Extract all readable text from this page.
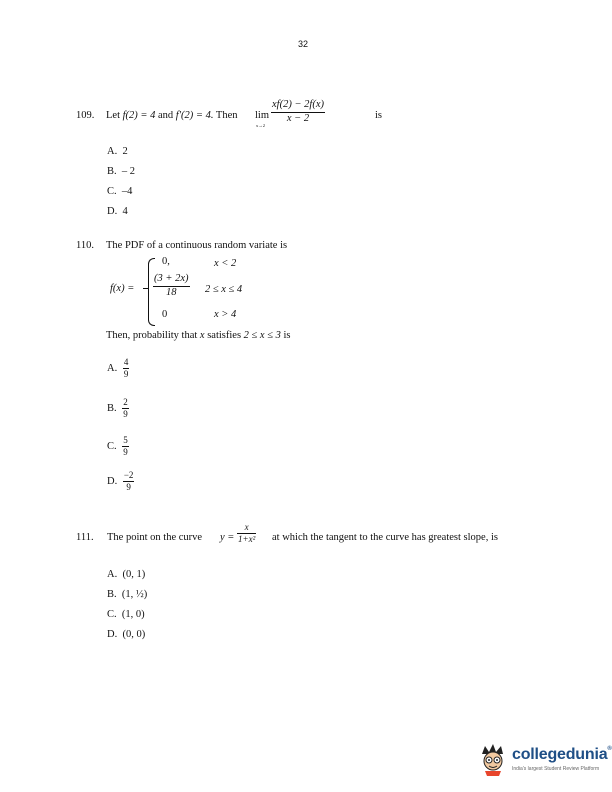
32
109. Let f(2) = 4 and f′(2) = 4. Then lim
x→2
$\frac{xf(2) - 2f(x)}{x - 2}$	is
A. 2
B. – 2
C. –4
D. 4
110. The PDF of a continuous random variate is
f(x) =
0,	x < 2
$\frac{(3 + 2x)}{18} 2 \le x \le 4$
0	x > 4
Then, probability that x satisfies 2 ≤ x ≤ 3 is
A. $\frac{4}{9}$
B. $\frac{2}{9}$
C. $\frac{5}{9}$
D. $\frac{-2}{9}$
111. The point on the curve $y = \frac{x}{\text{1+x²}}$ at which the tangent to the curve has greatest slope, is
A. (0, 1)
B. (1, ½)
C. (1, 0)
D. (0, 0)
collegedunia®
India's largest Student Review Platform
